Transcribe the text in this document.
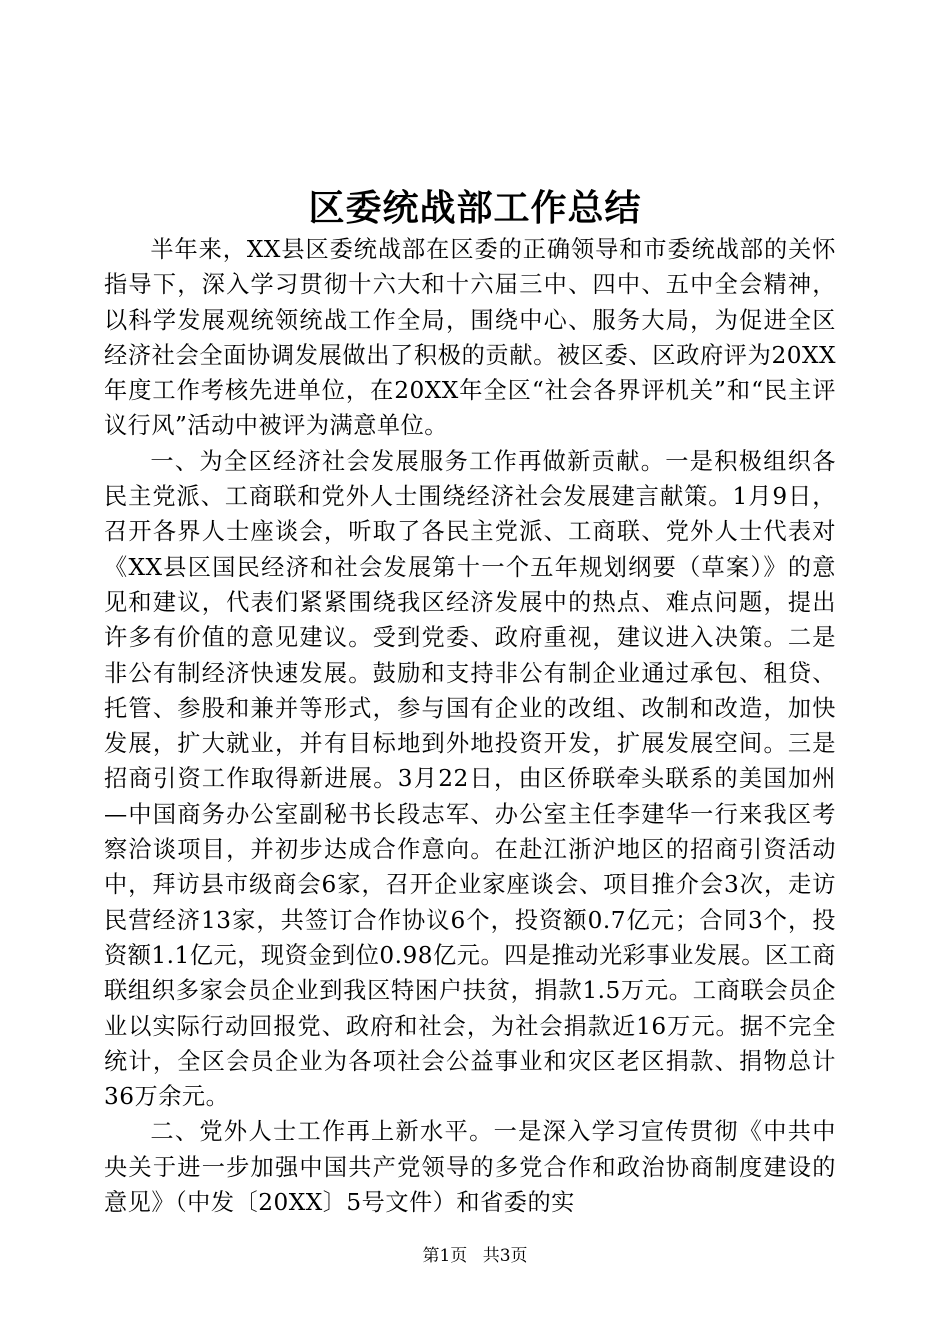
区委统战部工作总结

半年来，XX县区委统战部在区委的正确领导和市委统战部的关怀指导下，深入学习贯彻十六大和十六届三中、四中、五中全会精神，以科学发展观统领统战工作全局，围绕中心、服务大局，为促进全区经济社会全面协调发展做出了积极的贡献。被区委、区政府评为20XX年度工作考核先进单位，在20XX年全区“社会各界评机关”和“民主评议行风”活动中被评为满意单位。

一、为全区经济社会发展服务工作再做新贡献。一是积极组织各民主党派、工商联和党外人士围绕经济社会发展建言献策。1月9日，召开各界人士座谈会，听取了各民主党派、工商联、党外人士代表对《XX县区国民经济和社会发展第十一个五年规划纲要（草案）》的意见和建议，代表们紧紧围绕我区经济发展中的热点、难点问题，提出许多有价值的意见建议。受到党委、政府重视，建议进入决策。二是非公有制经济快速发展。鼓励和支持非公有制企业通过承包、租贷、托管、参股和兼并等形式，参与国有企业的改组、改制和改造，加快发展，扩大就业，并有目标地到外地投资开发，扩展发展空间。三是招商引资工作取得新进展。3月22日，由区侨联牵头联系的美国加州—中国商务办公室副秘书长段志军、办公室主任李建华一行来我区考察洽谈项目，并初步达成合作意向。在赴江浙沪地区的招商引资活动中，拜访县市级商会6家，召开企业家座谈会、项目推介会3次，走访民营经济13家，共签订合作协议6个，投资额0.7亿元；合同3个，投资额1.1亿元，现资金到位0.98亿元。四是推动光彩事业发展。区工商联组织多家会员企业到我区特困户扶贫，捐款1.5万元。工商联会员企业以实际行动回报党、政府和社会，为社会捐款近16万元。据不完全统计，全区会员企业为各项社会公益事业和灾区老区捐款、捐物总计36万余元。

二、党外人士工作再上新水平。一是深入学习宣传贯彻《中共中央关于进一步加强中国共产党领导的多党合作和政治协商制度建设的意见》（中发〔20XX〕5号文件）和省委的实

第1页 共3页
